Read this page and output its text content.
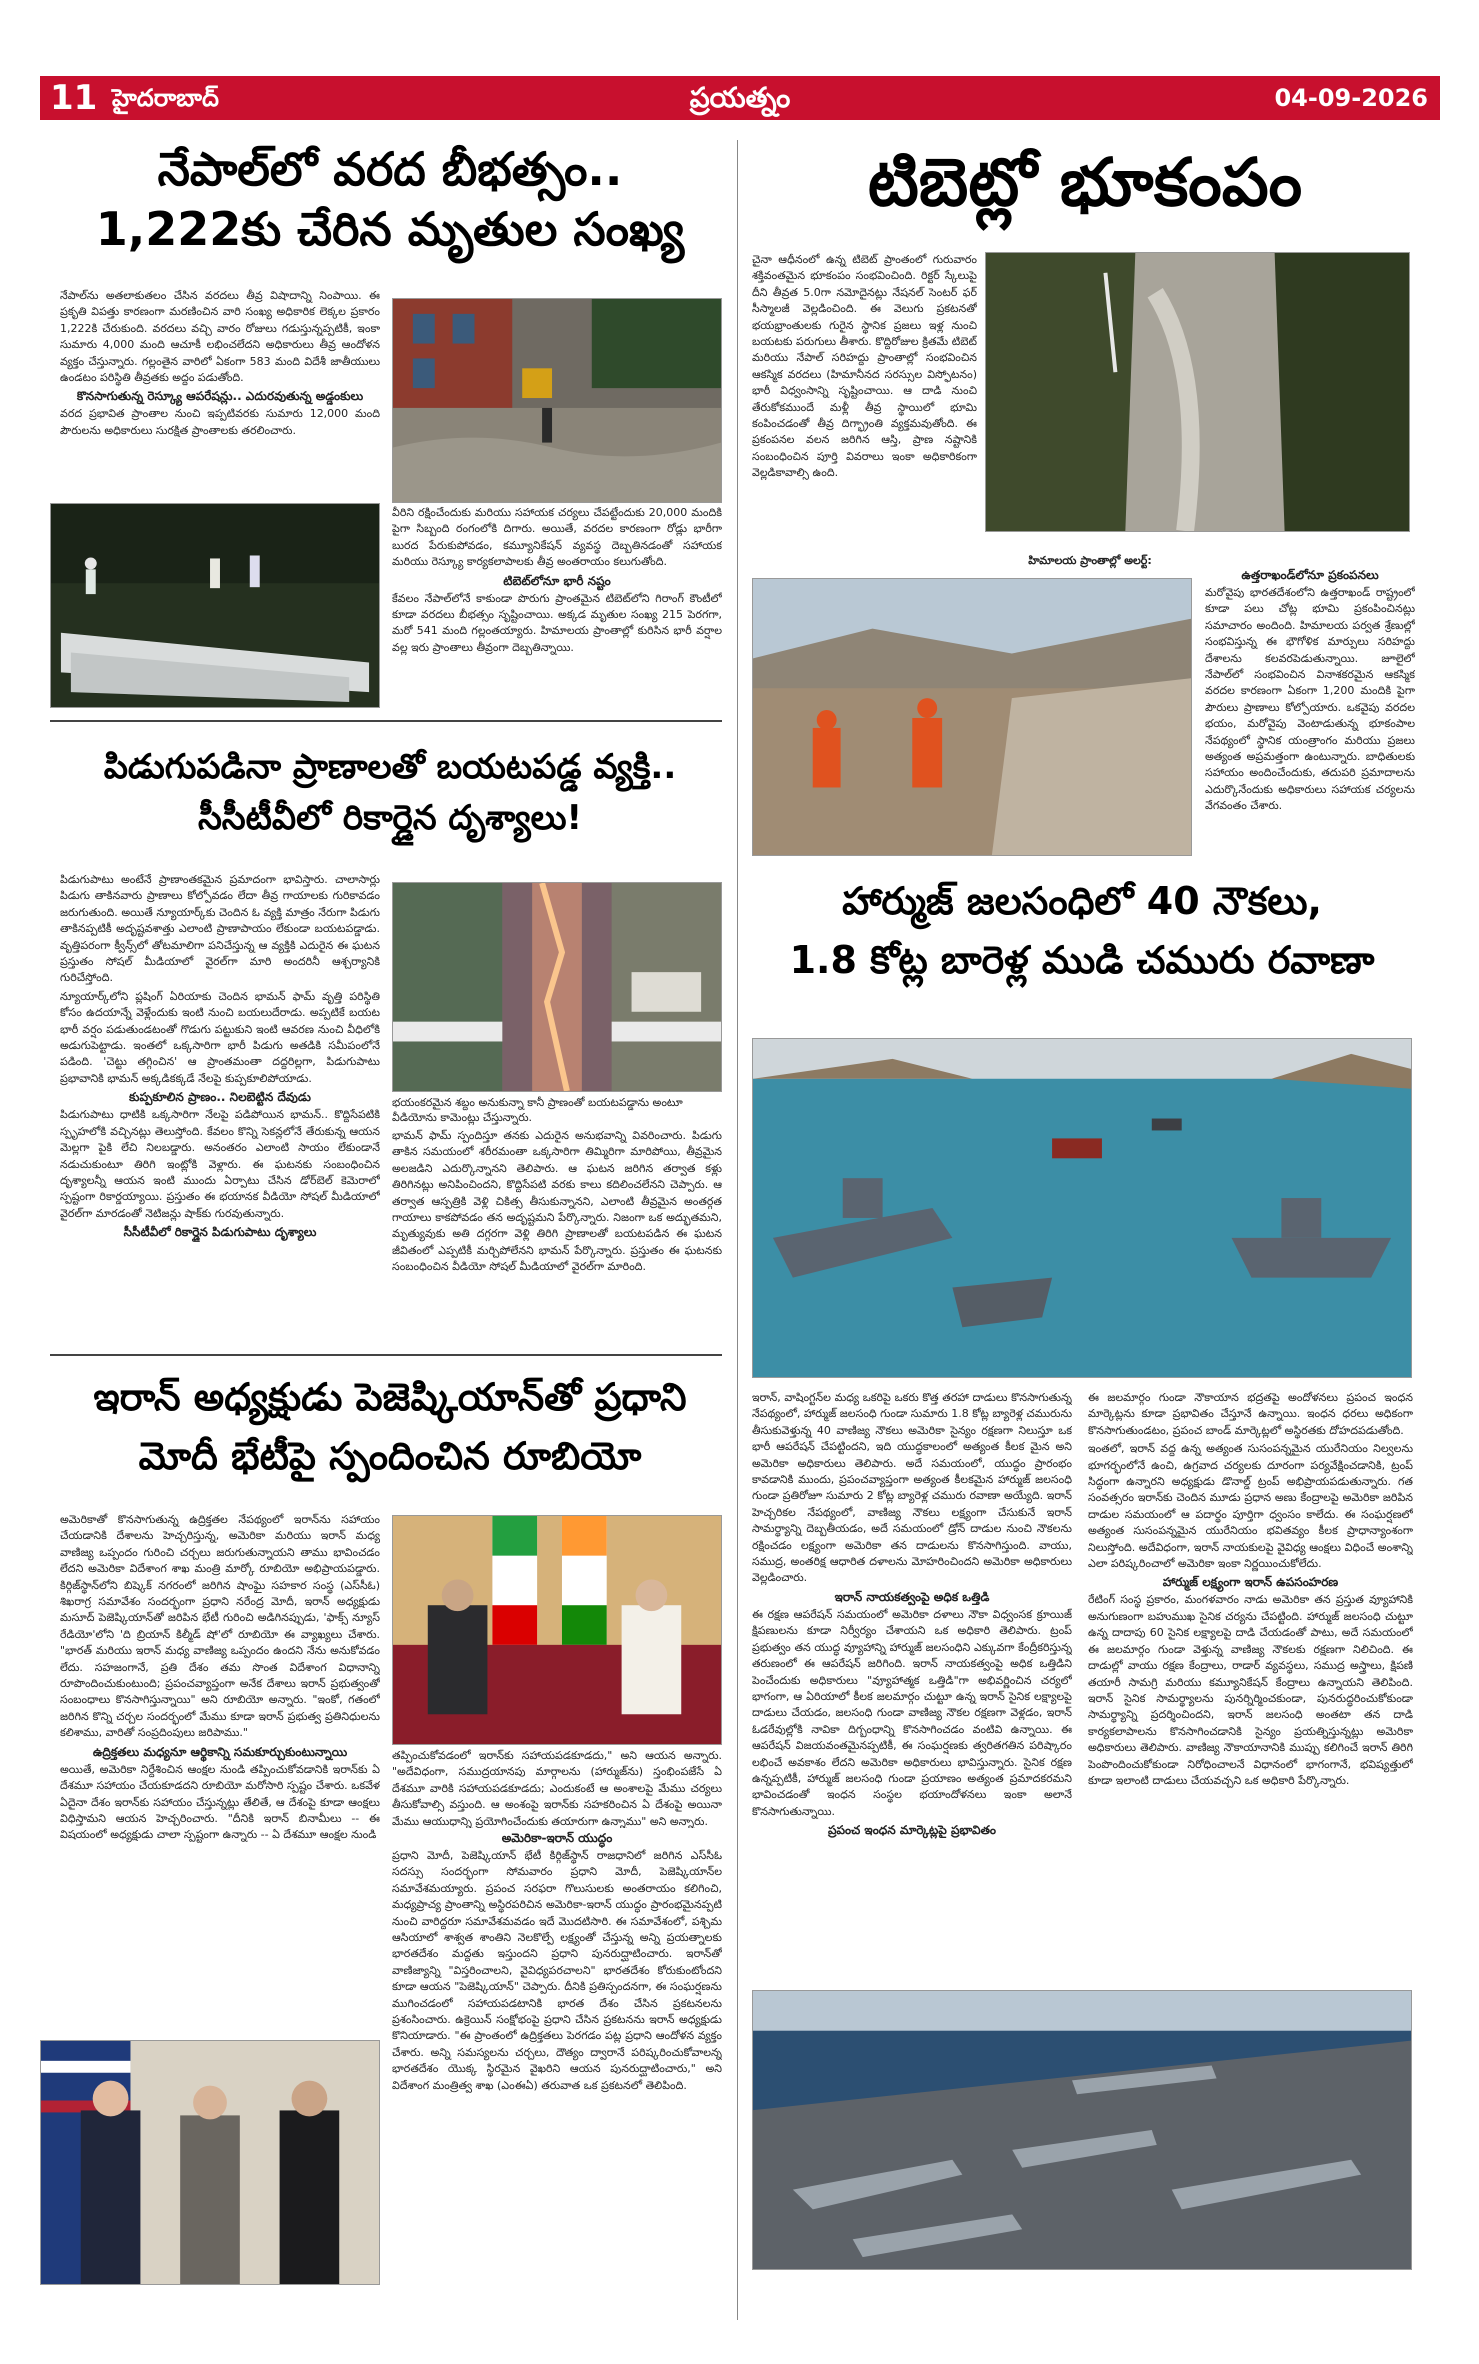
11 హైదరాబాద్	ప్రయత్నం	04-09-2026
నేపాల్‌లో వరద బీభత్సం..
1,222కు చేరిన మృతుల సంఖ్య

నేపాల్‌ను అతలాకుతలం చేసిన వరదలు తీవ్ర విషాదాన్ని నింపాయి. ఈ ప్రకృతి విపత్తు కారణంగా మరణించిన వారి సంఖ్య అధికారిక లెక్కల ప్రకారం 1,222కి చేరుకుంది. వరదలు వచ్చి వారం రోజులు గడుస్తున్నప్పటికీ, ఇంకా సుమారు 4,000 మంది ఆచూకీ లభించలేదని అధికారులు తీవ్ర ఆందోళన వ్యక్తం చేస్తున్నారు. గల్లంతైన వారిలో ఏకంగా 583 మంది విదేశీ జాతీయులు ఉండటం పరిస్థితి తీవ్రతకు అద్దం పడుతోంది.

కొనసాగుతున్న రెస్క్యూ ఆపరేషన్లు.. ఎదురవుతున్న అడ్డంకులు

వరద ప్రభావిత ప్రాంతాల నుంచి ఇప్పటివరకు సుమారు 12,000 మంది పౌరులను అధికారులు సురక్షిత ప్రాంతాలకు తరలించారు.

వీరిని రక్షించేందుకు మరియు సహాయక చర్యలు చేపట్టేందుకు 20,000 మందికి పైగా సిబ్బంది రంగంలోకి దిగారు. అయితే, వరదల కారణంగా రోడ్లు భారీగా బురద పేరుకుపోవడం, కమ్యూనికేషన్ వ్యవస్థ దెబ్బతినడంతో సహాయక మరియు రెస్క్యూ కార్యకలాపాలకు తీవ్ర అంతరాయం కలుగుతోంది.

టిబెట్‌లోనూ భారీ నష్టం

కేవలం నేపాల్‌లోనే కాకుండా పొరుగు ప్రాంతమైన టిబెట్‌లోని గిరాంగ్ కౌంటీలో కూడా వరదలు బీభత్సం సృష్టించాయి. అక్కడ మృతుల సంఖ్య 215 పెరగగా, మరో 541 మంది గల్లంతయ్యారు. హిమాలయ ప్రాంతాల్లో కురిసిన భారీ వర్షాల వల్ల ఇరు ప్రాంతాలు తీవ్రంగా దెబ్బతిన్నాయి.

టిబెట్లో భూకంపం

చైనా ఆధీనంలో ఉన్న టిబెట్ ప్రాంతంలో గురువారం శక్తివంతమైన భూకంపం సంభవించింది. రిక్టర్ స్కేలుపై దీని తీవ్రత 5.0గా నమోదైనట్లు నేషనల్ సెంటర్ ఫర్ సీస్మాలజీ వెల్లడించింది. ఈ వెలుగు ప్రకటనతో భయభ్రాంతులకు గురైన స్థానిక ప్రజలు ఇళ్ల నుంచి బయటకు పరుగులు తీశారు. కొద్దిరోజుల క్రితమే టిబెట్ మరియు నేపాల్ సరిహద్దు ప్రాంతాల్లో సంభవించిన ఆకస్మిక వరదలు (హిమానీనద సరస్సుల విస్ఫోటనం) భారీ విధ్వంసాన్ని సృష్టించాయి. ఆ దాడి నుంచి తేరుకోకముందే మళ్లీ తీవ్ర స్థాయిలో భూమి కంపించడంతో తీవ్ర దిగ్భ్రాంతి వ్యక్తమవుతోంది. ఈ ప్రకంపనల వలన జరిగిన ఆస్తి, ప్రాణ నష్టానికి సంబంధించిన పూర్తి వివరాలు ఇంకా అధికారికంగా వెల్లడికావాల్సి ఉంది.

హిమాలయ ప్రాంతాల్లో అలర్ట్:

ఉత్తరాఖండ్‌లోనూ ప్రకంపనలు

మరోవైపు భారతదేశంలోని ఉత్తరాఖండ్ రాష్ట్రంలో కూడా పలు చోట్ల భూమి ప్రకంపించినట్లు సమాచారం అందింది. హిమాలయ పర్వత శ్రేణుల్లో సంభవిస్తున్న ఈ భౌగోళిక మార్పులు సరిహద్దు దేశాలను కలవరపెడుతున్నాయి. జూలైలో నేపాల్‌లో సంభవించిన వినాశకరమైన ఆకస్మిక వరదల కారణంగా ఏకంగా 1,200 మందికి పైగా పౌరులు ప్రాణాలు కోల్పోయారు. ఒకవైపు వరదల భయం, మరోవైపు వెంటాడుతున్న భూకంపాల నేపథ్యంలో స్థానిక యంత్రాంగం మరియు ప్రజలు అత్యంత అప్రమత్తంగా ఉంటున్నారు. బాధితులకు సహాయం అందించేందుకు, తదుపరి ప్రమాదాలను ఎదుర్కొనేందుకు అధికారులు సహాయక చర్యలను వేగవంతం చేశారు.

పిడుగుపడినా ప్రాణాలతో బయటపడ్డ వ్యక్తి..
సీసీటీవీలో రికార్డైన దృశ్యాలు!

పిడుగుపాటు అంటేనే ప్రాణాంతకమైన ప్రమాదంగా భావిస్తారు. చాలాసార్లు పిడుగు తాకినవారు ప్రాణాలు కోల్పోవడం లేదా తీవ్ర గాయాలకు గురికావడం జరుగుతుంది. అయితే న్యూయార్క్‌కు చెందిన ఓ వ్యక్తి మాత్రం నేరుగా పిడుగు తాకినప్పటికీ అదృష్టవశాత్తు ఎలాంటి ప్రాణాపాయం లేకుండా బయటపడ్డాడు. వృత్తిపరంగా క్వీన్స్‌లో తోటమాలిగా పనిచేస్తున్న ఆ వ్యక్తికి ఎదురైన ఈ ఘటన ప్రస్తుతం సోషల్ మీడియాలో వైరల్‌గా మారి అందరినీ ఆశ్చర్యానికి గురిచేస్తోంది.

న్యూయార్క్‌లోని ప్లషింగ్ ఏరియాకు చెందిన భామన్ ఫామ్ వృత్తి పరిస్థితి కోసం ఉదయాన్నే వెళ్లేందుకు ఇంటి నుంచి బయలుదేరాడు. అప్పటికే బయట భారీ వర్షం పడుతుండటంతో గొడుగు పట్టుకుని ఇంటి ఆవరణ నుంచి వీధిలోకి అడుగుపెట్టాడు. ఇంతలో ఒక్కసారిగా భారీ పిడుగు అతడికి సమీపంలోనే పడింది. 'చెట్టు తగ్గించిన' ఆ ప్రాంతమంతా దద్దరిల్లగా, పిడుగుపాటు ప్రభావానికి భామన్ అక్కడికక్కడే నేలపై కుప్పకూలిపోయాడు.

కుప్పకూలిన ప్రాణం.. నిలబెట్టిన దేవుడు

పిడుగుపాటు ధాటికి ఒక్కసారిగా నేలపై పడిపోయిన భామన్.. కొద్దిసేపటికి స్పృహలోకి వచ్చినట్లు తెలుస్తోంది. కేవలం కొన్ని సెకన్లలోనే తేరుకున్న ఆయన మెల్లగా పైకి లేచి నిలబడ్డారు. అనంతరం ఎలాంటి సాయం లేకుండానే నడుచుకుంటూ తిరిగి ఇంట్లోకి వెళ్లారు. ఈ ఘటనకు సంబంధించిన దృశ్యాలన్నీ ఆయన ఇంటి ముందు ఏర్పాటు చేసిన డోర్‌బెల్ కెమెరాలో స్పష్టంగా రికార్డయ్యాయి. ప్రస్తుతం ఈ భయానక వీడియో సోషల్ మీడియాలో వైరల్‌గా మారడంతో నెటిజన్లు షాక్‌కు గురవుతున్నారు.

సీసీటీవీలో రికార్డైన పిడుగుపాటు దృశ్యాలు

భయంకరమైన శబ్దం అనుకున్నా కానీ ప్రాణంతో బయటపడ్డాను అంటూ వీడియోను కామెంట్లు చేస్తున్నారు.

భామన్ ఫామ్ స్పందిస్తూ తనకు ఎదురైన అనుభవాన్ని వివరించారు. పిడుగు తాకిన సమయంలో శరీరమంతా ఒక్కసారిగా తిమ్మిరిగా మారిపోయి, తీవ్రమైన అలజడిని ఎదుర్కొన్నానని తెలిపారు. ఆ ఘటన జరిగిన తర్వాత కళ్లు తిరిగినట్లు అనిపించిందని, కొద్దిసేపటి వరకు కాలు కదిలించలేనని చెప్పారు. ఆ తర్వాత ఆస్పత్రికి వెళ్లి చికిత్స తీసుకున్నానని, ఎలాంటి తీవ్రమైన అంతర్గత గాయాలు కాకపోవడం తన అదృష్టమని పేర్కొన్నారు. నిజంగా ఒక అద్భుతమని, మృత్యువుకు అతి దగ్గరగా వెళ్లి తిరిగి ప్రాణాలతో బయటపడిన ఈ ఘటన జీవితంలో ఎప్పటికీ మర్చిపోలేనని భామన్ పేర్కొన్నారు. ప్రస్తుతం ఈ ఘటనకు సంబంధించిన వీడియో సోషల్ మీడియాలో వైరల్‌గా మారింది.

హార్ముజ్ జలసంధిలో 40 నౌకలు,
1.8 కోట్ల బారెళ్ల ముడి చమురు రవాణా

ఇరాన్, వాషింగ్టన్‌ల మధ్య ఒకరిపై ఒకరు కొత్త తరహా దాడులు కొనసాగుతున్న నేపథ్యంలో, హార్ముజ్ జలసంధి గుండా సుమారు 1.8 కోట్ల బ్యారెళ్ల చమురును తీసుకువెళ్తున్న 40 వాణిజ్య నౌకలు అమెరికా సైన్యం రక్షణగా నిలుస్తూ ఒక భారీ ఆపరేషన్ చేపట్టిందని, ఇది యుద్ధకాలంలో అత్యంత కీలక మైన అని అమెరికా అధికారులు తెలిపారు. అదే సమయంలో, యుద్ధం ప్రారంభం కావడానికి ముందు, ప్రపంచవ్యాప్తంగా అత్యంత కీలకమైన హార్ముజ్ జలసంధి గుండా ప్రతిరోజూ సుమారు 2 కోట్ల బ్యారెళ్ల చమురు రవాణా అయ్యేది. ఇరాన్ హెచ్చరికల నేపథ్యంలో, వాణిజ్య నౌకలు లక్ష్యంగా చేసుకునే ఇరాన్ సామర్థ్యాన్ని దెబ్బతీయడం, అదే సమయంలో డ్రోన్ దాడుల నుంచి నౌకలను రక్షించడం లక్ష్యంగా అమెరికా తన దాడులను కొనసాగిస్తుంది. వాయు, సముద్ర, అంతరిక్ష ఆధారిత దళాలను మోహరించిందని అమెరికా అధికారులు వెల్లడించారు.

ఇరాన్ నాయకత్వంపై అధిక ఒత్తిడి

ఈ రక్షణ ఆపరేషన్ సమయంలో అమెరికా దళాలు నౌకా విధ్వంసక క్రూయిజ్ క్షిపణులను కూడా నిర్వీర్యం చేశాయని ఒక అధికారి తెలిపారు. ట్రంప్ ప్రభుత్వం తన యుద్ధ వ్యూహాన్ని హార్ముజ్ జలసంధిని ఎక్కువగా కేంద్రీకరిస్తున్న తరుణంలో ఈ ఆపరేషన్ జరిగింది. ఇరాన్ నాయకత్వంపై అధిక ఒత్తిడిని పెంచేందుకు అధికారులు "వ్యూహాత్మక ఒత్తిడి"గా అభివర్ణించిన చర్యలో భాగంగా, ఆ ఏరియాలో కీలక జలమార్గం చుట్టూ ఉన్న ఇరాన్ సైనిక లక్ష్యాలపై దాడులు చేయడం, జలసంధి గుండా వాణిజ్య నౌకల రక్షణగా వెళ్లడం, ఇరాన్ ఓడరేవుల్లోకి నావికా దిగ్బంధాన్ని కొనసాగించడం వంటివి ఉన్నాయి. ఈ ఆపరేషన్ విజయవంతమైనప్పటికీ, ఈ సంఘర్షణకు త్వరితగతిన పరిష్కారం లభించే అవకాశం లేదని అమెరికా అధికారులు భావిస్తున్నారు. సైనిక రక్షణ ఉన్నప్పటికీ, హార్ముజ్ జలసంధి గుండా ప్రయాణం అత్యంత ప్రమాదకరమని భావించడంతో ఇంధన సంస్థల భయాందోళనలు ఇంకా అలానే కొనసాగుతున్నాయి.

ప్రపంచ ఇంధన మార్కెట్లపై ప్రభావితం

ఈ జలమార్గం గుండా నౌకాయాన భద్రతపై అందోళనలు ప్రపంచ ఇంధన మార్కెట్లను కూడా ప్రభావితం చేస్తూనే ఉన్నాయి. ఇంధన ధరలు అధికంగా కొనసాగుతుండటం, ప్రపంచ బాండ్ మార్కెట్లలో అస్థిరతకు దోహదపడుతోంది.

ఇంతలో, ఇరాన్ వద్ద ఉన్న అత్యంత సుసంపన్నమైన యురేనియం నిల్వలను భూగర్భంలోనే ఉంచి, ఉగ్రవాద చర్యలకు దూరంగా పర్యవేక్షించడానికి, ట్రంప్ సిద్ధంగా ఉన్నారని అధ్యక్షుడు డొనాల్డ్ ట్రంప్ అభిప్రాయపడుతున్నారు. గత సంవత్సరం ఇరాన్‌కు చెందిన మూడు ప్రధాన అణు కేంద్రాలపై అమెరికా జరిపిన దాడుల సమయంలో ఆ పదార్థం పూర్తిగా ధ్వంసం కాలేదు. ఈ సంఘర్షణలో అత్యంత సుసంపన్నమైన యురేనియం భవితవ్యం కీలక ప్రాధాన్యాంశంగా నిలుస్తోంది. అదేవిధంగా, ఇరాన్ నాయకులపై వైవిధ్య ఆంక్షలు విధించే అంశాన్ని ఎలా పరిష్కరించాలో అమెరికా ఇంకా నిర్ణయించుకోలేదు.

హార్ముజ్ లక్ష్యంగా ఇరాన్ ఉపసంహరణ

రేటింగ్ సంస్థ ప్రకారం, మంగళవారం నాడు అమెరికా తన ప్రస్తుత వ్యూహానికి అనుగుణంగా బహుముఖ సైనిక చర్యను చేపట్టింది. హార్ముజ్ జలసంధి చుట్టూ ఉన్న దాదాపు 60 సైనిక లక్ష్యాలపై దాడి చేయడంతో పాటు, అదే సమయంలో ఈ జలమార్గం గుండా వెళ్తున్న వాణిజ్య నౌకలకు రక్షణగా నిలిచింది. ఈ దాడుల్లో వాయు రక్షణ కేంద్రాలు, రాడార్ వ్యవస్థలు, సముద్ర అస్త్రాలు, క్షిపణి తయారీ సామగ్రి మరియు కమ్యూనికేషన్ కేంద్రాలు ఉన్నాయని తెలిపింది. ఇరాన్ సైనిక సామర్థ్యాలను పునర్నిర్మించకుండా, పునరుద్ధరించుకోకుండా సామర్థ్యాన్ని ప్రదర్శించిందని, ఇరాన్ జలసంధి అంతటా తన దాడి కార్యకలాపాలను కొనసాగించడానికి సైన్యం ప్రయత్నిస్తున్నట్లు అమెరికా అధికారులు తెలిపారు. వాణిజ్య నౌకాయానానికి ముప్పు కలిగించే ఇరాన్ తిరిగి పెంపొందించుకోకుండా నిరోధించాలనే విధానంలో భాగంగానే, భవిష్యత్తులో కూడా ఇలాంటి దాడులు చేయవచ్చని ఒక అధికారి పేర్కొన్నారు.

ఇరాన్ అధ్యక్షుడు పెజెష్కియాన్‌తో ప్రధాని
మోదీ భేటీపై స్పందించిన రూబియో

అమెరికాతో కొనసాగుతున్న ఉద్రిక్తతల నేపథ్యంలో ఇరాన్‌ను సహాయం చేయడానికి దేశాలను హెచ్చరిస్తున్న, అమెరికా మరియు ఇరాన్ మధ్య వాణిజ్య ఒప్పందం గురించి చర్చలు జరుగుతున్నాయని తాము భావించడం లేదని అమెరికా విదేశాంగ శాఖ మంత్రి మార్కో రూబియో అభిప్రాయపడ్డారు. కిర్గిజ్‌స్థాన్‌లోని బిష్కెక్ నగరంలో జరిగిన షాంఘై సహకార సంస్థ (ఎస్‌సీఓ) శిఖరాగ్ర సమావేశం సందర్భంగా ప్రధాని నరేంద్ర మోదీ, ఇరాన్ అధ్యక్షుడు మసూద్ పెజెష్కియాన్‌తో జరిపిన భేటీ గురించి అడిగినప్పుడు, 'ఫాక్స్ న్యూస్ రేడియో'లోని 'ది బ్రియాన్ కిల్మీడ్ షో'లో రూబియో ఈ వ్యాఖ్యలు చేశారు. "భారత్ మరియు ఇరాన్ మధ్య వాణిజ్య ఒప్పందం ఉందని నేను అనుకోవడం లేదు. సహజంగానే, ప్రతి దేశం తమ సొంత విదేశాంగ విధానాన్ని రూపొందించుకుంటుంది; ప్రపంచవ్యాప్తంగా అనేక దేశాలు ఇరాన్ ప్రభుత్వంతో సంబంధాలు కొనసాగిస్తున్నాయి" అని రూబియో అన్నారు. "ఇంకో, గతంలో జరిగిన కొన్ని చర్చల సందర్భంలో మేము కూడా ఇరాన్ ప్రభుత్వ ప్రతినిధులను కలిశాము, వారితో సంప్రదింపులు జరిపాము."

ఉద్రిక్తతలు మధ్యనూ ఆర్థికాన్ని సమకూర్చుకుంటున్నాయి

అయితే, అమెరికా నిర్దేశించిన ఆంక్షల నుండి తప్పించుకోవడానికి ఇరాన్‌కు ఏ దేశమూ సహాయం చేయకూడదని రూబియో మరోసారి స్పష్టం చేశారు. ఒకవేళ ఏదైనా దేశం ఇరాన్‌కు సహాయం చేస్తున్నట్లు తేలితే, ఆ దేశంపై కూడా ఆంక్షలు విధిస్తామని ఆయన హెచ్చరించారు. "దీనికి ఇరాన్ బినామీలు -- ఈ విషయంలో అధ్యక్షుడు చాలా స్పష్టంగా ఉన్నారు -- ఏ దేశమూ ఆంక్షల నుండి

తప్పించుకోవడంలో ఇరాన్‌కు సహాయపడకూడదు," అని ఆయన అన్నారు. "అదేవిధంగా, సముద్రయానపు మార్గాలను (హార్ముజ్‌ను) స్తంభింపజేసే ఏ దేశమూ వారికి సహాయపడకూడదు; ఎందుకంటే ఆ అంశాలపై మేము చర్యలు తీసుకోవాల్సి వస్తుంది. ఆ అంశంపై ఇరాన్‌కు సహకరించిన ఏ దేశంపై అయినా మేము ఆయుధాన్ని ప్రయోగించేందుకు తయారుగా ఉన్నాము" అని అన్నారు.

అమెరికా-ఇరాన్ యుద్ధం

ప్రధాని మోదీ, పెజెష్కియాన్ భేటీ కిర్గిజ్‌స్థాన్ రాజధానిలో జరిగిన ఎస్‌సీఓ సదస్సు సందర్భంగా సోమవారం ప్రధాని మోదీ, పెజెష్కియాన్‌ల సమావేశమయ్యారు. ప్రపంచ సరఫరా గొలుసులకు అంతరాయం కలిగించి, మధ్యప్రాచ్య ప్రాంతాన్ని అస్థిరపరిచిన అమెరికా-ఇరాన్ యుద్ధం ప్రారంభమైనప్పటి నుంచి వారిద్దరూ సమావేశమవడం ఇదే మొదటిసారి. ఈ సమావేశంలో, పశ్చిమ ఆసియాలో శాశ్వత శాంతిని నెలకొల్పే లక్ష్యంతో చేస్తున్న అన్ని ప్రయత్నాలకు భారతదేశం మద్దతు ఇస్తుందని ప్రధాని పునరుద్ఘాటించారు. ఇరాన్‌తో వాణిజ్యాన్ని "విస్తరించాలని, వైవిధ్యపరచాలని" భారతదేశం కోరుకుంటోందని కూడా ఆయన "పెజెష్కియాన్" చెప్పారు. దీనికి ప్రతిస్పందనగా, ఈ సంఘర్షణను ముగించడంలో సహాయపడటానికి భారత దేశం చేసిన ప్రకటనలను ప్రశంసించారు. ఉక్రెయిన్ సంక్షోభంపై ప్రధాని చేసిన ప్రకటనను ఇరాన్ అధ్యక్షుడు కొనియాడారు. "ఈ ప్రాంతంలో ఉద్రిక్తతలు పెరగడం పట్ల ప్రధాని ఆందోళన వ్యక్తం చేశారు. అన్ని సమస్యలను చర్చలు, దౌత్యం ద్వారానే పరిష్కరించుకోవాలన్న భారతదేశం యొక్క స్థిరమైన వైఖరిని ఆయన పునరుద్ఘాటించారు," అని విదేశాంగ మంత్రిత్వ శాఖ (ఎంఈఏ) తరువాత ఒక ప్రకటనలో తెలిపింది.
